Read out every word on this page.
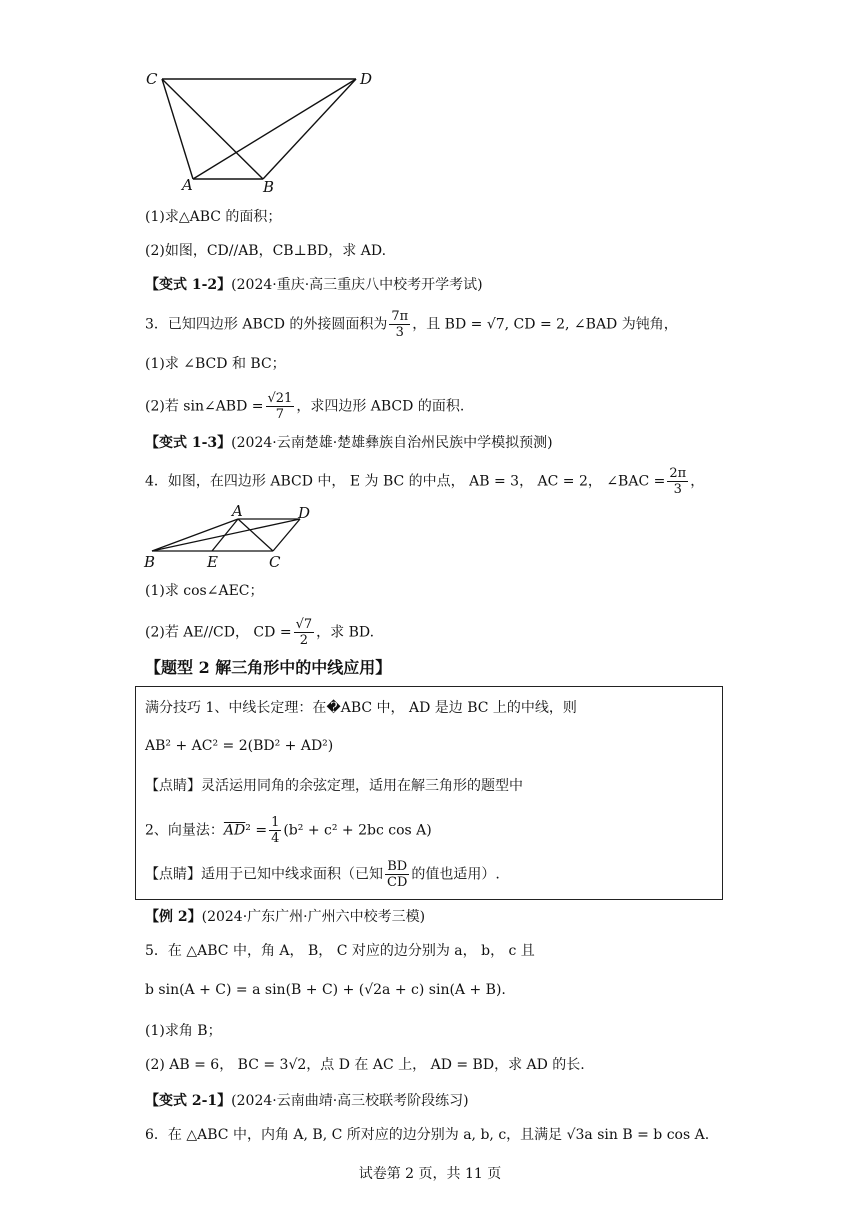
C	D
A	B
(1)求△ABC 的面积；
(2)如图，CD//AB，CB⊥BD，求 AD.
【变式 1-2】(2024·重庆·高三重庆八中校考开学考试)
3．已知四边形 ABCD 的外接圆面积为 $\frac{7\pi}{3}$ ，且 BD = √7, CD = 2, ∠BAD 为钝角，
(1)求 ∠BCD 和 BC；
(2)若 sin∠ABD = $\frac{√21}{7}$ ，求四边形 ABCD 的面积.
【变式 1-3】(2024·云南楚雄·楚雄彝族自治州民族中学模拟预测)
4．如图，在四边形 ABCD 中， E 为 BC 的中点， AB = 3， AC = 2， ∠BAC = $\frac{2\pi}{3}$ ，
A	D
B	E	C
(1)求 cos∠AEC；
(2)若 AE//CD， CD = $\frac{√7}{2}$ ，求 BD.
【题型 2 解三角形中的中线应用】
满分技巧 1、中线长定理：在�ABC 中， AD 是边 BC 上的中线，则
AB² + AC² = 2(BD² + AD²)
【点睛】灵活运用同角的余弦定理，适用在解三角形的题型中
2、向量法：$\overline{AD}^2 = \frac{1}{4} (b^2 + c^2 + 2bc$ cos A)
【点睛】适用于已知中线求面积（已知 $\frac{BD}{CD}$ 的值也适用）.
【例 2】(2024·广东广州·广州六中校考三模)
5．在 △ABC 中，角 A， B， C 对应的边分别为 a， b， c 且
b sin(A + C) = a sin(B + C) + (√2a + c) sin(A + B).
(1)求角 B；
(2) AB = 6， BC = 3√2，点 D 在 AC 上， AD = BD，求 AD 的长.
【变式 2-1】(2024·云南曲靖·高三校联考阶段练习)
6．在 △ABC 中，内角 A, B, C 所对应的边分别为 a, b, c，且满足 √3a sin B = b cos A.
试卷第 2 页，共 11 页
